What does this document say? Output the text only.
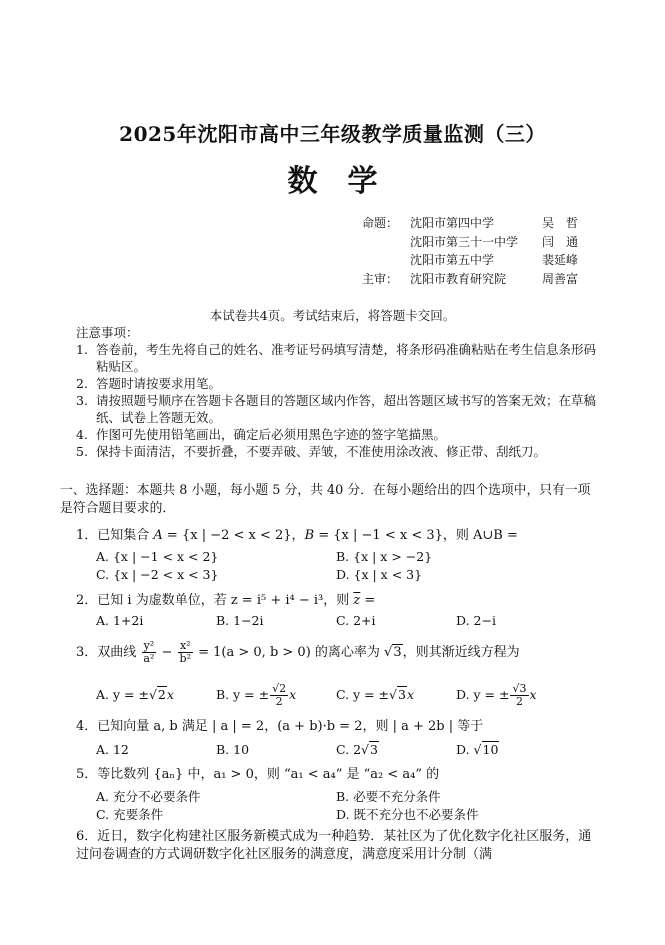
2025年沈阳市高中三年级教学质量监测（三）
数学
命题： 沈阳市第四中学	吴　哲
沈阳市第三十一中学	闫　通
沈阳市第五中学	裴延峰
主审： 沈阳市教育研究院	周善富
本试卷共4页。考试结束后，将答题卡交回。
注意事项：
1. 答卷前，考生先将自己的姓名、准考证号码填写清楚，将条形码准确粘贴在考生信息条形码粘贴区。
2. 答题时请按要求用笔。
3. 请按照题号顺序在答题卡各题目的答题区域内作答，超出答题区域书写的答案无效；在草稿纸、试卷上答题无效。
4. 作图可先使用铅笔画出，确定后必须用黑色字迹的签字笔描黑。
5. 保持卡面清洁，不要折叠，不要弄破、弄皱，不准使用涂改液、修正带、刮纸刀。
一、选择题：本题共 8 小题，每小题 5 分，共 40 分．在每小题给出的四个选项中，只有一项是符合题目要求的．
1．已知集合 A = {x | −2 < x < 2}，B = {x | −1 < x < 3}，则 A∪B =
A. {x | −1 < x < 2}	B. {x | x > −2}
C. {x | −2 < x < 3}	D. {x | x < 3}
2．已知 i 为虚数单位，若 z = i⁵ + i⁴ − i³，则 $\overline{z}$ =
A. 1+2i	B. 1−2i	C. 2+i	D. 2−i
3．双曲线 $\frac{\text{y²}}{\text{a²}} - \frac{\text{x²}}{\text{b²}} = 1(a > 0$, b > 0) 的离心率为 √3，则其渐近线方程为
A. y = ±√2x	B. y = ± $\frac{√2}{2}$ x	C. y = ±√3x	D. y = ± $\frac{√3}{2}$ x
4．已知向量 a, b 满足 | a | = 2，(a + b)·b = 2，则 | a + 2b | 等于
A. 12	B. 10	C. 2√3	D. √10
5．等比数列 {aₙ} 中，a₁ > 0，则 “a₁ < a₄” 是 “a₂ < a₄” 的
A. 充分不必要条件	B. 必要不充分条件
C. 充要条件	D. 既不充分也不必要条件
6．近日，数字化构建社区服务新模式成为一种趋势．某社区为了优化数字化社区服务，通过问卷调查的方式调研数字化社区服务的满意度，满意度采用计分制（满
